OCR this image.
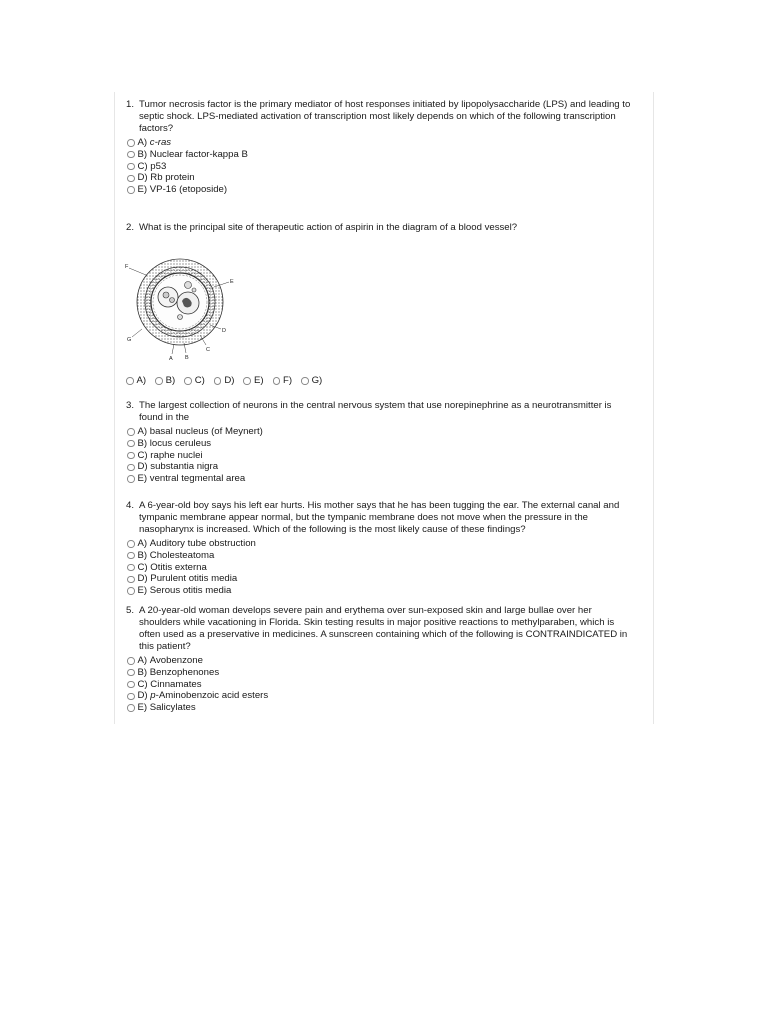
1. Tumor necrosis factor is the primary mediator of host responses initiated by lipopolysaccharide (LPS) and leading to septic shock. LPS-mediated activation of transcription most likely depends on which of the following transcription factors?
A)
c-ras
B)
Nuclear factor-kappa B
C)
p53
D)
Rb protein
E)
VP-16 (etoposide)
2. What is the principal site of therapeutic action of aspirin in the diagram of a blood vessel?
F
E
D
C
B
A
G
A) B) C) D) E) F) G)
3. The largest collection of neurons in the central nervous system that use norepinephrine as a neurotransmitter is found in the
A)
basal nucleus (of Meynert)
B)
locus ceruleus
C)
raphe nuclei
D)
substantia nigra
E)
ventral tegmental area
4. A 6-year-old boy says his left ear hurts. His mother says that he has been tugging the ear. The external canal and tympanic membrane appear normal, but the tympanic membrane does not move when the pressure in the nasopharynx is increased. Which of the following is the most likely cause of these findings?
A)
Auditory tube obstruction
B)
Cholesteatoma
C)
Otitis externa
D)
Purulent otitis media
E)
Serous otitis media
5. A 20-year-old woman develops severe pain and erythema over sun-exposed skin and large bullae over her shoulders while vacationing in Florida. Skin testing results in major positive reactions to methylparaben, which is often used as a preservative in medicines. A sunscreen containing which of the following is CONTRAINDICATED in this patient?
A)
Avobenzone
B)
Benzophenones
C)
Cinnamates
D)
p -Aminobenzoic acid esters
E)
Salicylates
